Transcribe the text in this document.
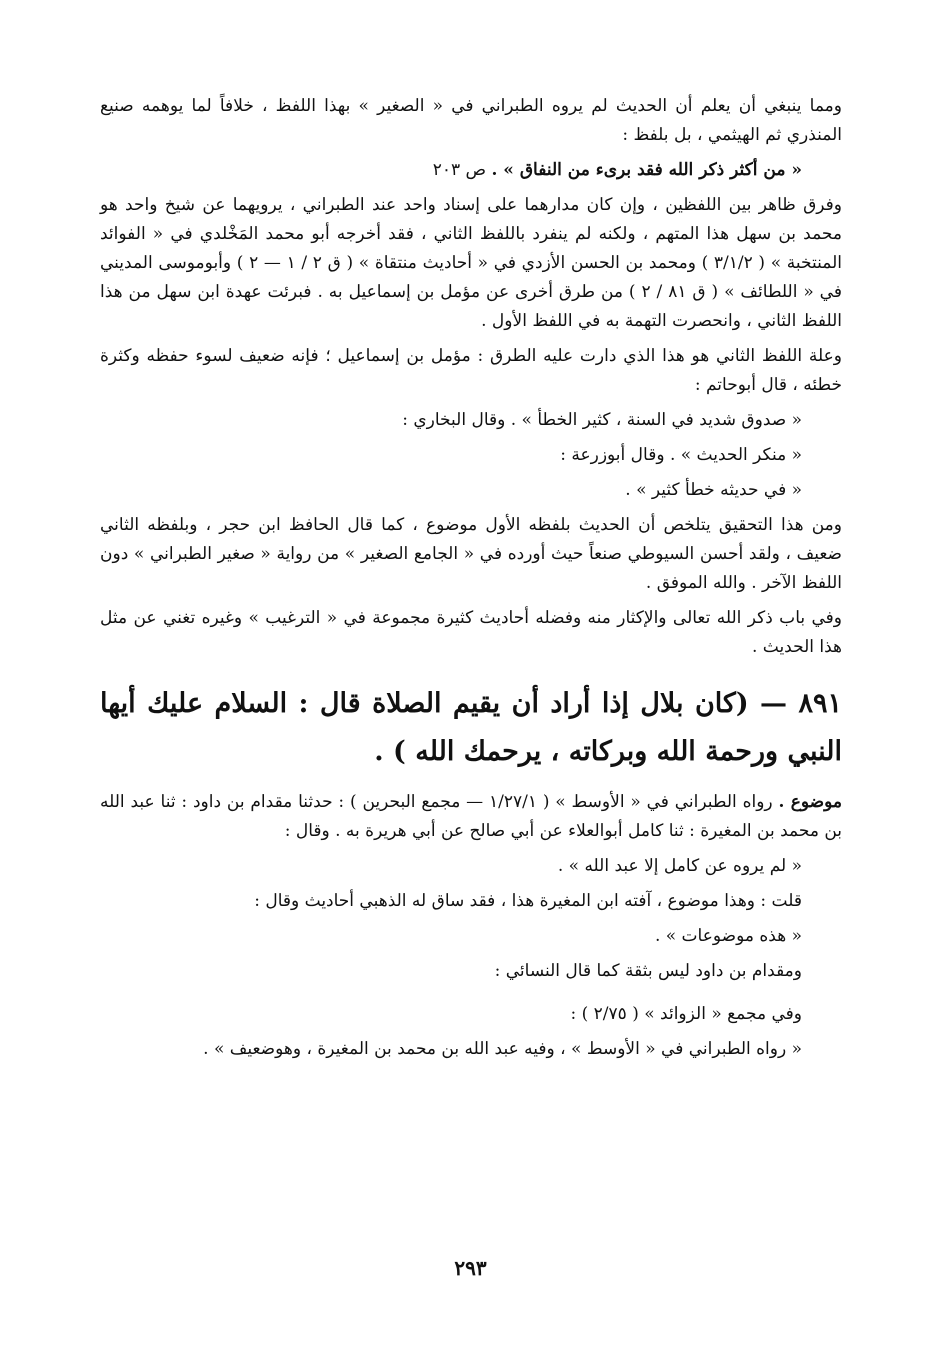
ومما ينبغي أن يعلم أن الحديث لم يروه الطبراني في « الصغير » بهذا اللفظ ، خلافاً لما يوهمه صنيع المنذري ثم الهيثمي ، بل بلفظ :

« من أكثر ذكر الله فقد برىء من النفاق » . ص ٢٠٣

وفرق ظاهر بين اللفظين ، وإن كان مدارهما على إسناد واحد عند الطبراني ، يرويهما عن شيخ واحد هو محمد بن سهل هذا المتهم ، ولكنه لم ينفرد باللفظ الثاني ، فقد أخرجه أبو محمد المَخْلدي في « الفوائد المنتخبة » ( ٣/١/٢ ) ومحمد بن الحسن الأزدي في « أحاديث منتقاة » ( ق ٢ / ١ — ٢ ) وأبوموسى المديني في « اللطائف » ( ق ٨١ / ٢ ) من طرق أخرى عن مؤمل بن إسماعيل به . فبرئت عهدة ابن سهل من هذا اللفظ الثاني ، وانحصرت التهمة به في اللفظ الأول .

وعلة اللفظ الثاني هو هذا الذي دارت عليه الطرق : مؤمل بن إسماعيل ؛ فإنه ضعيف لسوء حفظه وكثرة خطئه ، قال أبوحاتم :

« صدوق شديد في السنة ، كثير الخطأ » . وقال البخاري :

« منكر الحديث » . وقال أبوزرعة :

« في حديثه خطأ كثير » .

ومن هذا التحقيق يتلخص أن الحديث بلفظه الأول موضوع ، كما قال الحافظ ابن حجر ، وبلفظه الثاني ضعيف ، ولقد أحسن السيوطي صنعاً حيث أورده في « الجامع الصغير » من رواية « صغير الطبراني » دون اللفظ الآخر . والله الموفق .

وفي باب ذكر الله تعالى والإكثار منه وفضله أحاديث كثيرة مجموعة في « الترغيب » وغيره تغني عن مثل هذا الحديث .

٨٩١ — (كان بلال إذا أراد أن يقيم الصلاة قال : السلام عليك أيها النبي ورحمة الله وبركاته ، يرحمك الله ) .

موضوع . رواه الطبراني في « الأوسط » ( ١/٢٧/١ — مجمع البحرين ) : حدثنا مقدام بن داود : ثنا عبد الله بن محمد بن المغيرة : ثنا كامل أبوالعلاء عن أبي صالح عن أبي هريرة به . وقال :

« لم يروه عن كامل إلا عبد الله » .

قلت : وهذا موضوع ، آفته ابن المغيرة هذا ، فقد ساق له الذهبي أحاديث وقال :

« هذه موضوعات » .

ومقدام بن داود ليس بثقة كما قال النسائي :

وفي مجمع « الزوائد » ( ٢/٧٥ ) :

« رواه الطبراني في « الأوسط » ، وفيه عبد الله بن محمد بن المغيرة ، وهوضعيف » .

٢٩٣
